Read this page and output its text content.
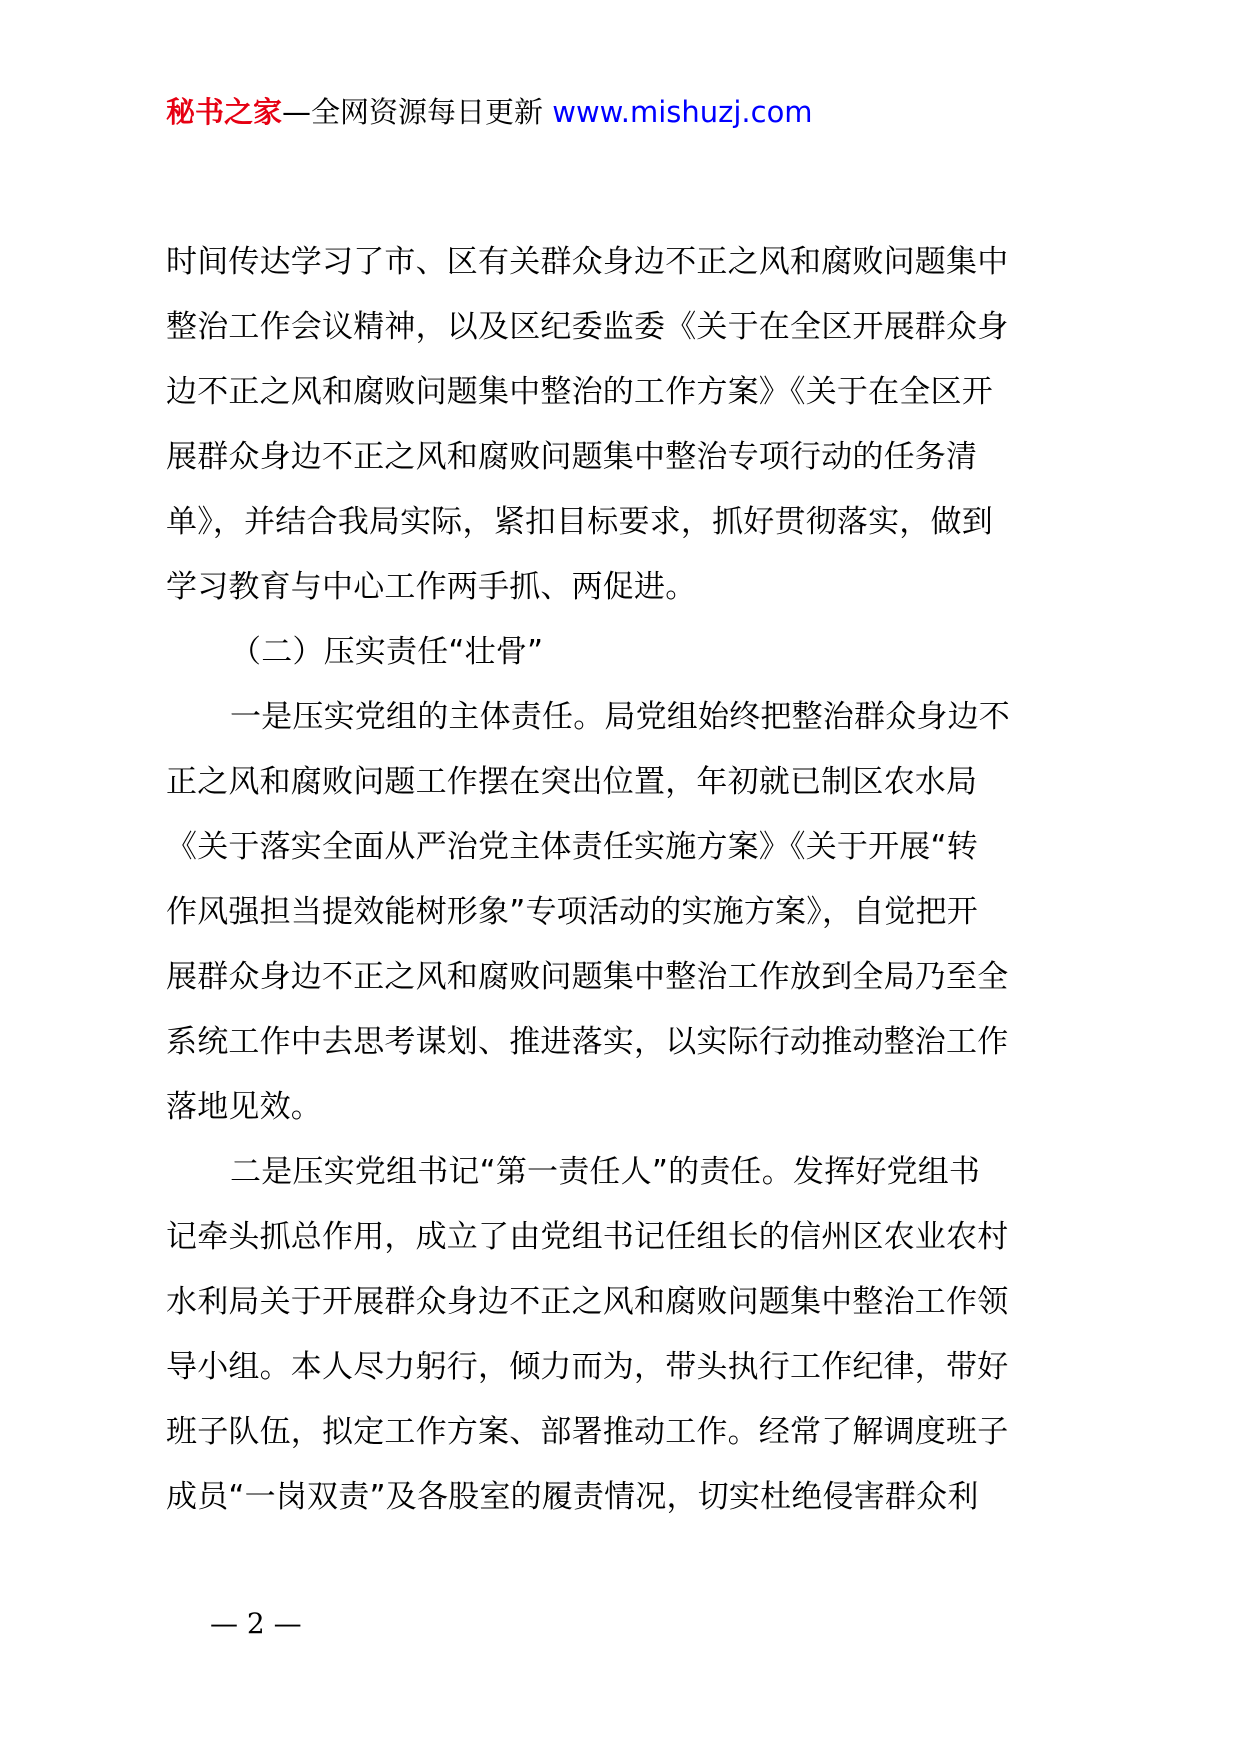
秘书之家—全网资源每日更新 www.mishuzj.com
时间传达学习了市、区有关群众身边不正之风和腐败问题集中
整治工作会议精神，以及区纪委监委《关于在全区开展群众身
边不正之风和腐败问题集中整治的工作方案》《关于在全区开
展群众身边不正之风和腐败问题集中整治专项行动的任务清
单》，并结合我局实际，紧扣目标要求，抓好贯彻落实，做到
学习教育与中心工作两手抓、两促进。
（二）压实责任“壮骨”
一是压实党组的主体责任。局党组始终把整治群众身边不
正之风和腐败问题工作摆在突出位置，年初就已制区农水局
《关于落实全面从严治党主体责任实施方案》《关于开展“转
作风强担当提效能树形象”专项活动的实施方案》，自觉把开
展群众身边不正之风和腐败问题集中整治工作放到全局乃至全
系统工作中去思考谋划、推进落实，以实际行动推动整治工作
落地见效。
二是压实党组书记“第一责任人”的责任。发挥好党组书
记牵头抓总作用，成立了由党组书记任组长的信州区农业农村
水利局关于开展群众身边不正之风和腐败问题集中整治工作领
导小组。本人尽力躬行，倾力而为，带头执行工作纪律，带好
班子队伍，拟定工作方案、部署推动工作。经常了解调度班子
成员“一岗双责”及各股室的履责情况，切实杜绝侵害群众利
— 2 —
